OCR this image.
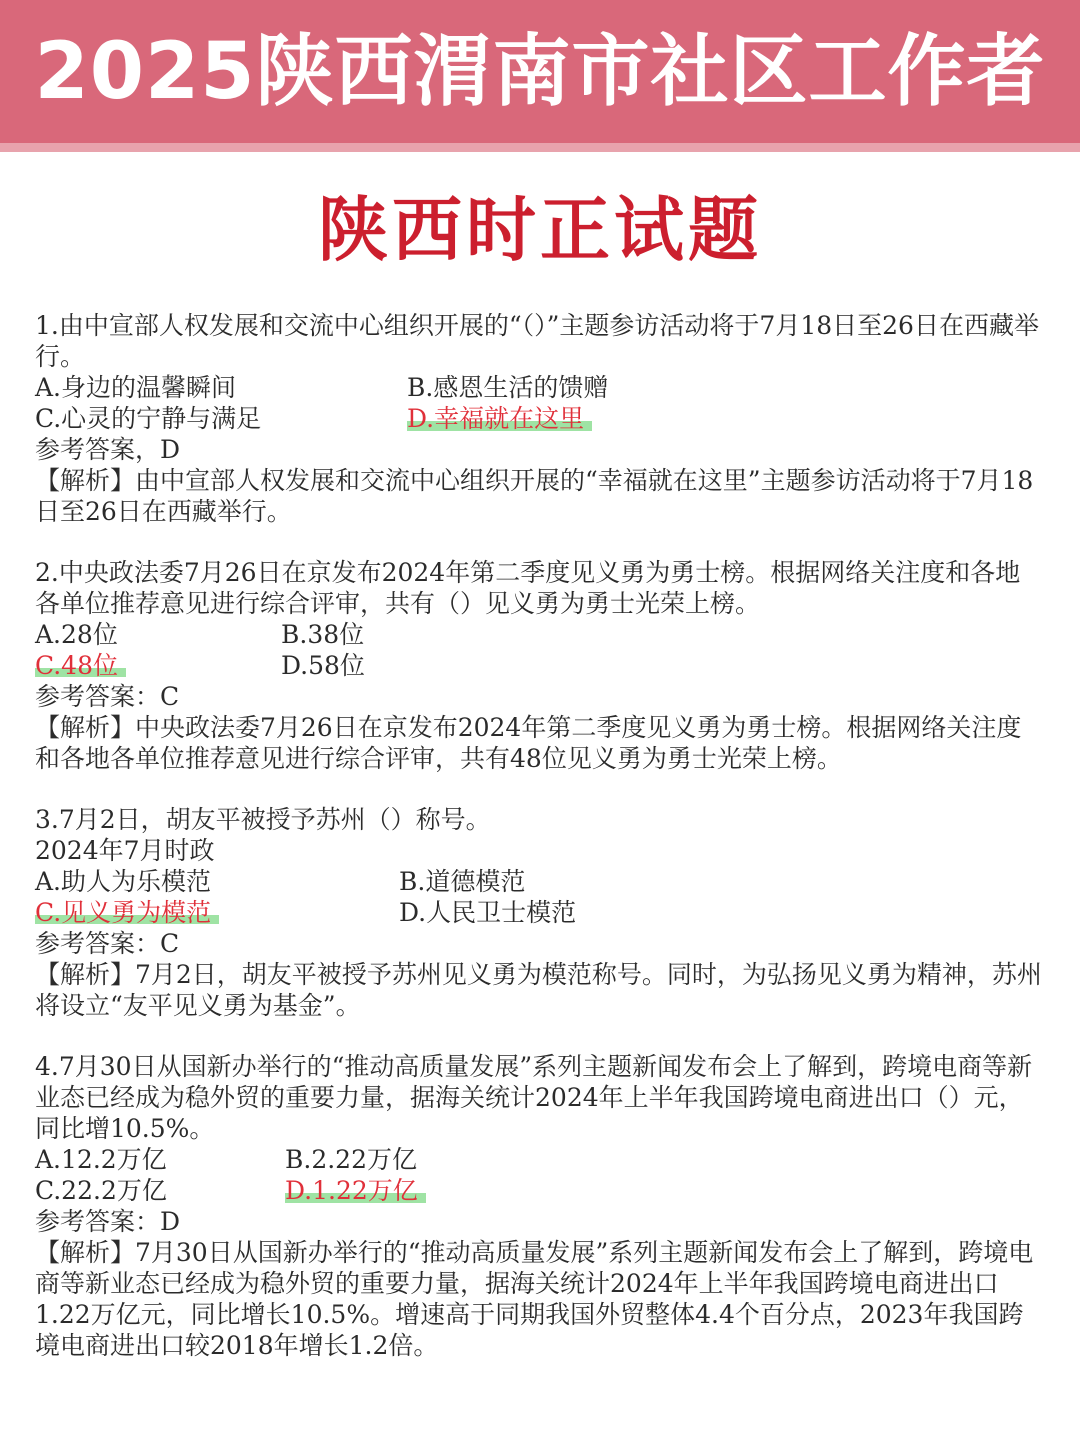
2025陕西渭南市社区工作者
陕西时正试题

1.由中宣部人权发展和交流中心组织开展的“（）”主题参访活动将于7月18日至26日在西藏举行。

A.身边的温馨瞬间	B.感恩生活的馈赠
C.心灵的宁静与满足	D.幸福就在这里

参考答案，D

【解析】由中宣部人权发展和交流中心组织开展的“幸福就在这里”主题参访活动将于7月18日至26日在西藏举行。

2.中央政法委7月26日在京发布2024年第二季度见义勇为勇士榜。根据网络关注度和各地各单位推荐意见进行综合评审，共有（）见义勇为勇士光荣上榜。

A.28位	B.38位
C.48位	D.58位

参考答案：C

【解析】中央政法委7月26日在京发布2024年第二季度见义勇为勇士榜。根据网络关注度和各地各单位推荐意见进行综合评审，共有48位见义勇为勇士光荣上榜。

3.7月2日，胡友平被授予苏州（）称号。

2024年7月时政

A.助人为乐模范	B.道德模范
C.见义勇为模范	D.人民卫士模范

参考答案：C

【解析】7月2日，胡友平被授予苏州见义勇为模范称号。同时，为弘扬见义勇为精神，苏州将设立“友平见义勇为基金”。

4.7月30日从国新办举行的“推动高质量发展”系列主题新闻发布会上了解到，跨境电商等新业态已经成为稳外贸的重要力量，据海关统计2024年上半年我国跨境电商进出口（）元，同比增10.5%。

A.12.2万亿	B.2.22万亿
C.22.2万亿	D.1.22万亿

参考答案：D

【解析】7月30日从国新办举行的“推动高质量发展”系列主题新闻发布会上了解到，跨境电商等新业态已经成为稳外贸的重要力量，据海关统计2024年上半年我国跨境电商进出口1.22万亿元，同比增长10.5%。增速高于同期我国外贸整体4.4个百分点，2023年我国跨境电商进出口较2018年增长1.2倍。
